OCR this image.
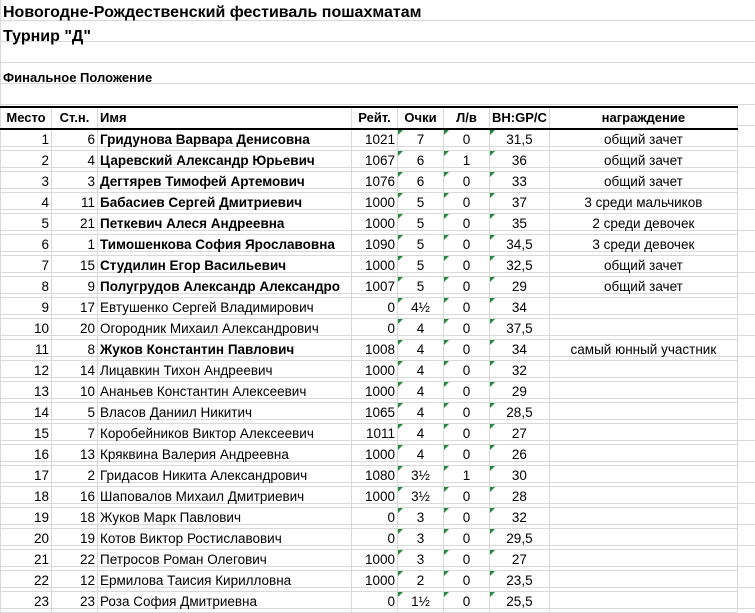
Новогодне-Рождественский фестиваль пошахматам
Турнир "Д"
Финальное Положение
Место	Ст.н.	Имя	Рейт.	Очки	Л/в	BH:GP/C	награждение
1	6	Гридунова Варвара Денисовна	1021	7	0	31,5	общий зачет
2	4	Царевский Александр Юрьевич	1067	6	1	36	общий зачет
3	3	Дегтярев Тимофей Артемович	1076	6	0	33	общий зачет
4	11	Бабасиев Сергей Дмитриевич	1000	5	0	37	3 среди мальчиков
5	21	Петкевич Алеся Андреевна	1000	5	0	35	2 среди девочек
6	1	Тимошенкова София Ярославовна	1090	5	0	34,5	3 среди девочек
7	15	Студилин Егор Васильевич	1000	5	0	32,5	общий зачет
8	9	Полугрудов Александр Александро	1007	5	0	29	общий зачет
9	17	Евтушенко Сергей Владимирович	0	4½	0	34	
10	20	Огородник Михаил Александрович	0	4	0	37,5	
11	8	Жуков Константин Павлович	1008	4	0	34	самый юнный участник
12	14	Лицавкин Тихон Андреевич	1000	4	0	32	
13	10	Ананьев Константин Алексеевич	1000	4	0	29	
14	5	Власов Даниил Никитич	1065	4	0	28,5	
15	7	Коробейников Виктор Алексеевич	1011	4	0	27	
16	13	Кряквина Валерия Андреевна	1000	4	0	26	
17	2	Гридасов Никита Александрович	1080	3½	1	30	
18	16	Шаповалов Михаил Дмитриевич	1000	3½	0	28	
19	18	Жуков Марк Павлович	0	3	0	32	
20	19	Котов Виктор Ростиславович	0	3	0	29,5	
21	22	Петросов Роман Олегович	1000	3	0	27	
22	12	Ермилова Таисия Кирилловна	1000	2	0	23,5	
23	23	Роза София Дмитриевна	0	1½	0	25,5	
